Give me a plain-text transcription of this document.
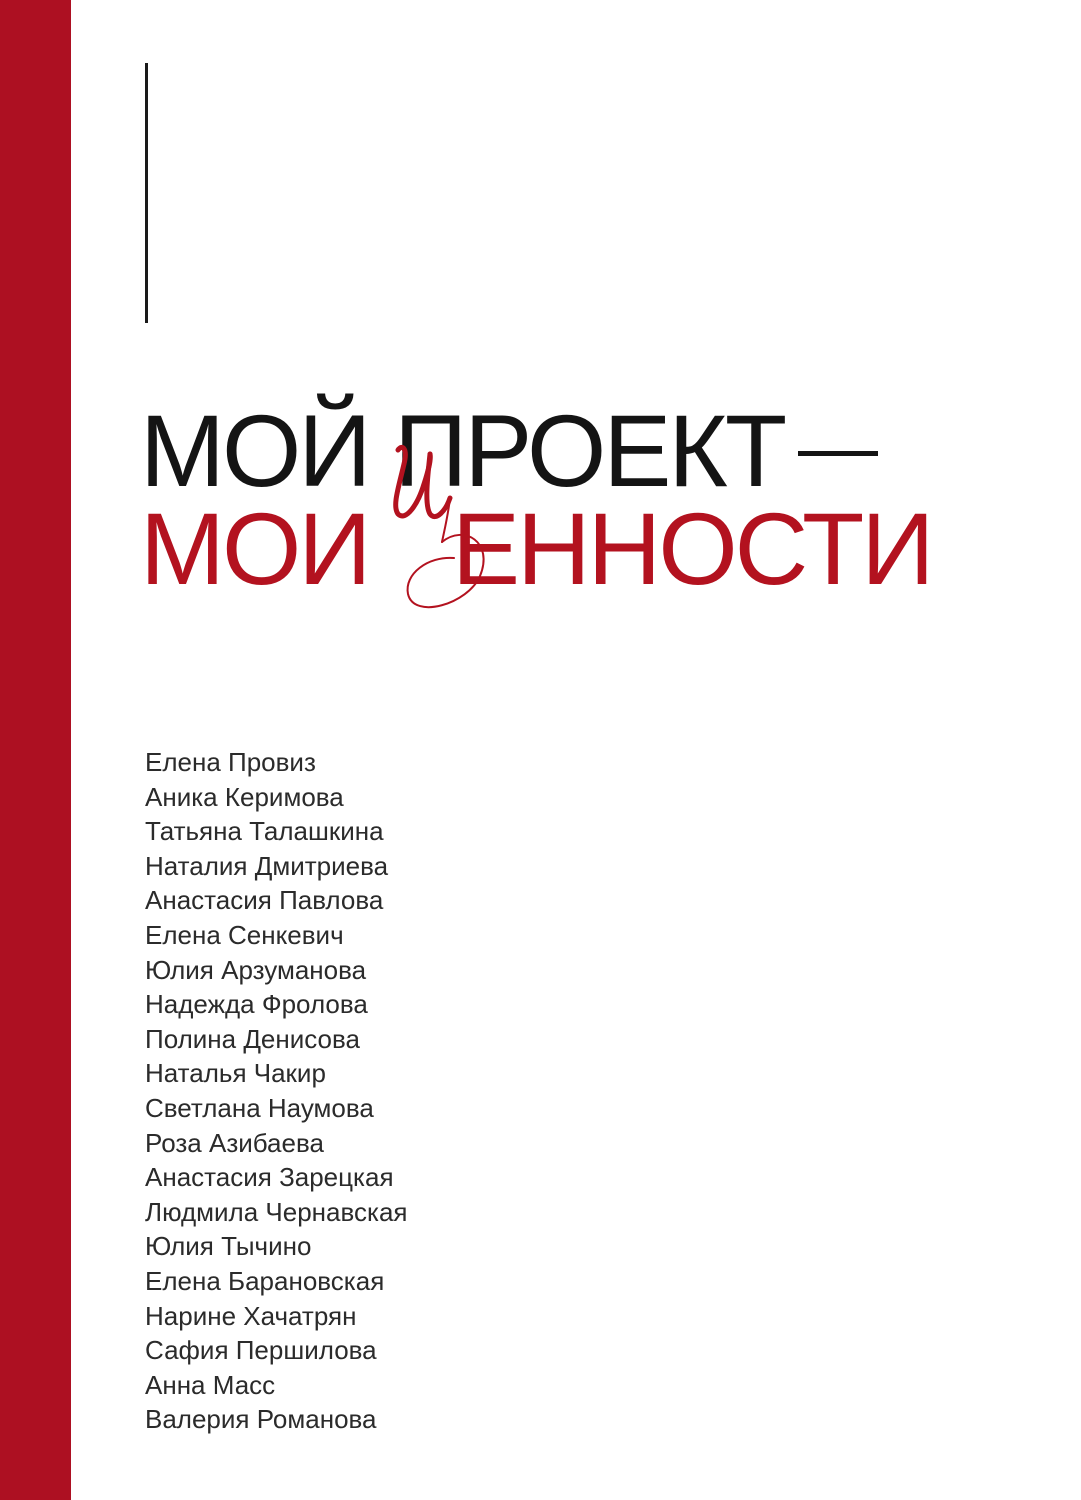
МОЙ ПРОЕКТ
МОИ
ЕННОСТИ
Елена Провиз
Аника Керимова
Татьяна Талашкина
Наталия Дмитриева
Анастасия Павлова
Елена Сенкевич
Юлия Арзуманова
Надежда Фролова
Полина Денисова
Наталья Чакир
Светлана Наумова
Роза Азибаева
Анастасия Зарецкая
Людмила Чернавская
Юлия Тычино
Елена Барановская
Нарине Хачатрян
Сафия Першилова
Анна Масс
Валерия Романова
